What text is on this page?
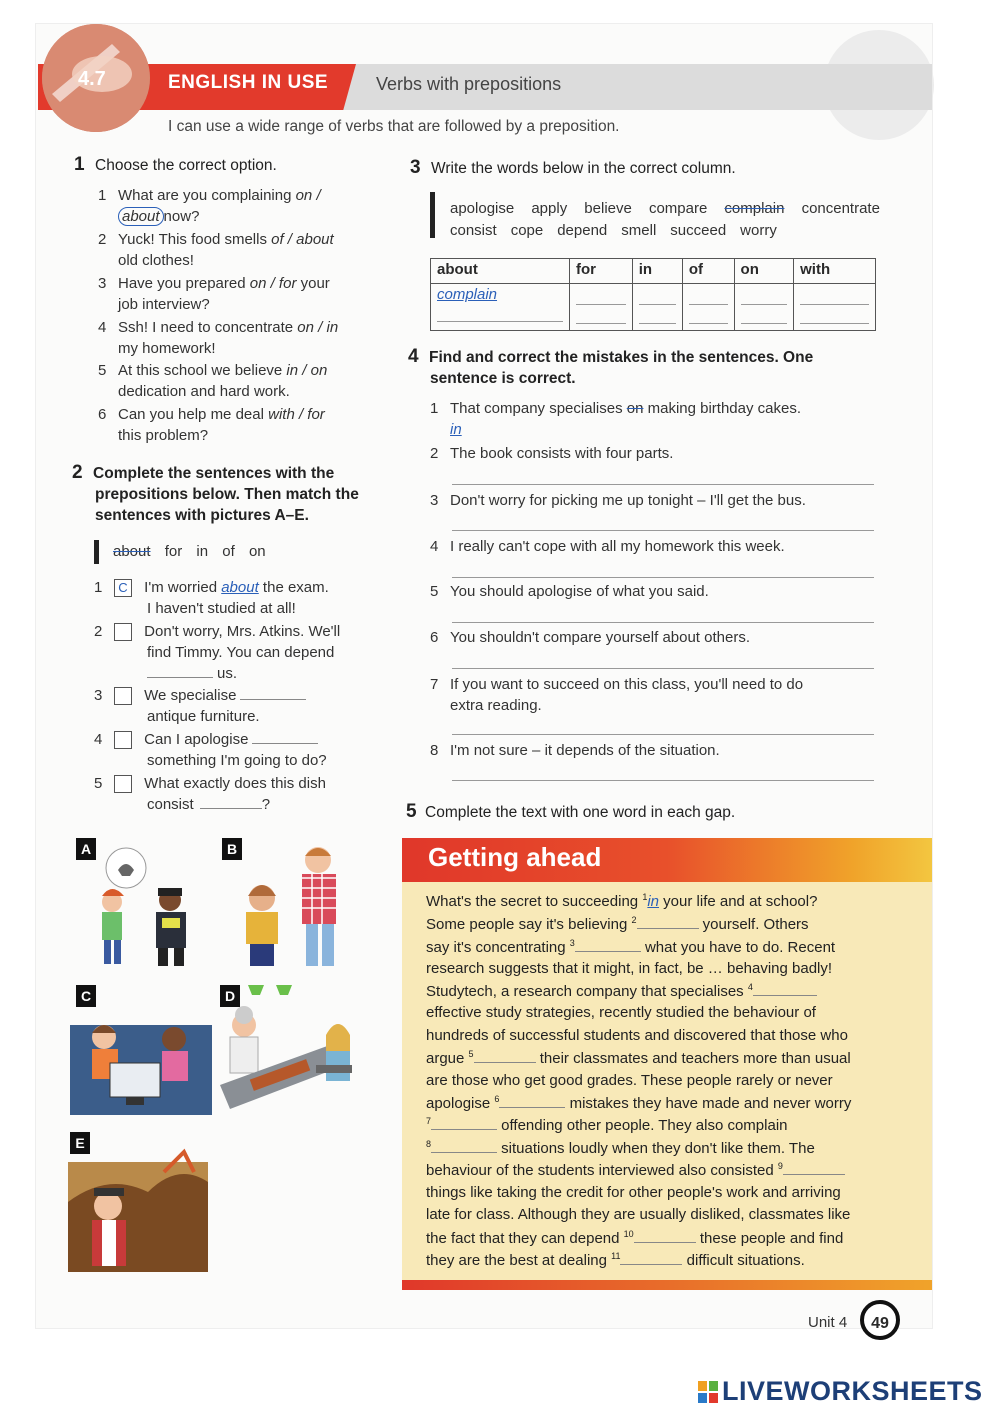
4.7	ENGLISH IN USE	Verbs with prepositions
I can use a wide range of verbs that are followed by a preposition.
1 Choose the correct option.
1 What are you complaining on /
about now?
2 Yuck! This food smells of / about
old clothes!
3 Have you prepared on / for your
job interview?
4 Ssh! I need to concentrate on / in
my homework!
5 At this school we believe in / on
dedication and hard work.
6 Can you help me deal with / for
this problem?
2 Complete the sentences with the
prepositions below. Then match the
sentences with pictures A–E.
about for in of on
1 C I'm worried about the exam.
I haven't studied at all!
2	Don't worry, Mrs. Atkins. We'll
find Timmy. You can depend
us.
3	We specialise
antique furniture.
4	Can I apologise
something I'm going to do?
5	What exactly does this dish
consist	?
A	B
C	D
E
3 Write the words below in the correct column.
apologise apply believe compare complain concentrate
consist cope depend smell succeed worry
about	for	in	of	on	with
complain

4 Find and correct the mistakes in the sentences. One
sentence is correct.
1 That company specialises on making birthday cakes.
in
2 The book consists with four parts.
3 Don't worry for picking me up tonight – I'll get the bus.
4 I really can't cope with all my homework this week.
5 You should apologise of what you said.
6 You shouldn't compare yourself about others.
7 If you want to succeed on this class, you'll need to do
extra reading.
8 I'm not sure – it depends of the situation.
5 Complete the text with one word in each gap.
Getting ahead
What's the secret to succeeding $^1$in your life and at school?
Some people say it's believing $^2$	yourself. Others
say it's concentrating $^3$	what you have to do. Recent
research suggests that it might, in fact, be … behaving badly!
Studytech, a research company that specialises $^4$
effective study strategies, recently studied the behaviour of
hundreds of successful students and discovered that those who
argue $^5$	their classmates and teachers more than usual
are those who get good grades. These people rarely or never
apologise $^6$	mistakes they have made and never worry
$^7$	offending other people. They also complain
$^8$	situations loudly when they don't like them. The
behaviour of the students interviewed also consisted $^9$
things like taking the credit for other people's work and arriving
late for class. Although they are usually disliked, classmates like
the fact that they can depend $^{10}$	these people and find
they are the best at dealing $^{11}$	difficult situations.
Unit 4	49
LIVEWORKSHEETS
